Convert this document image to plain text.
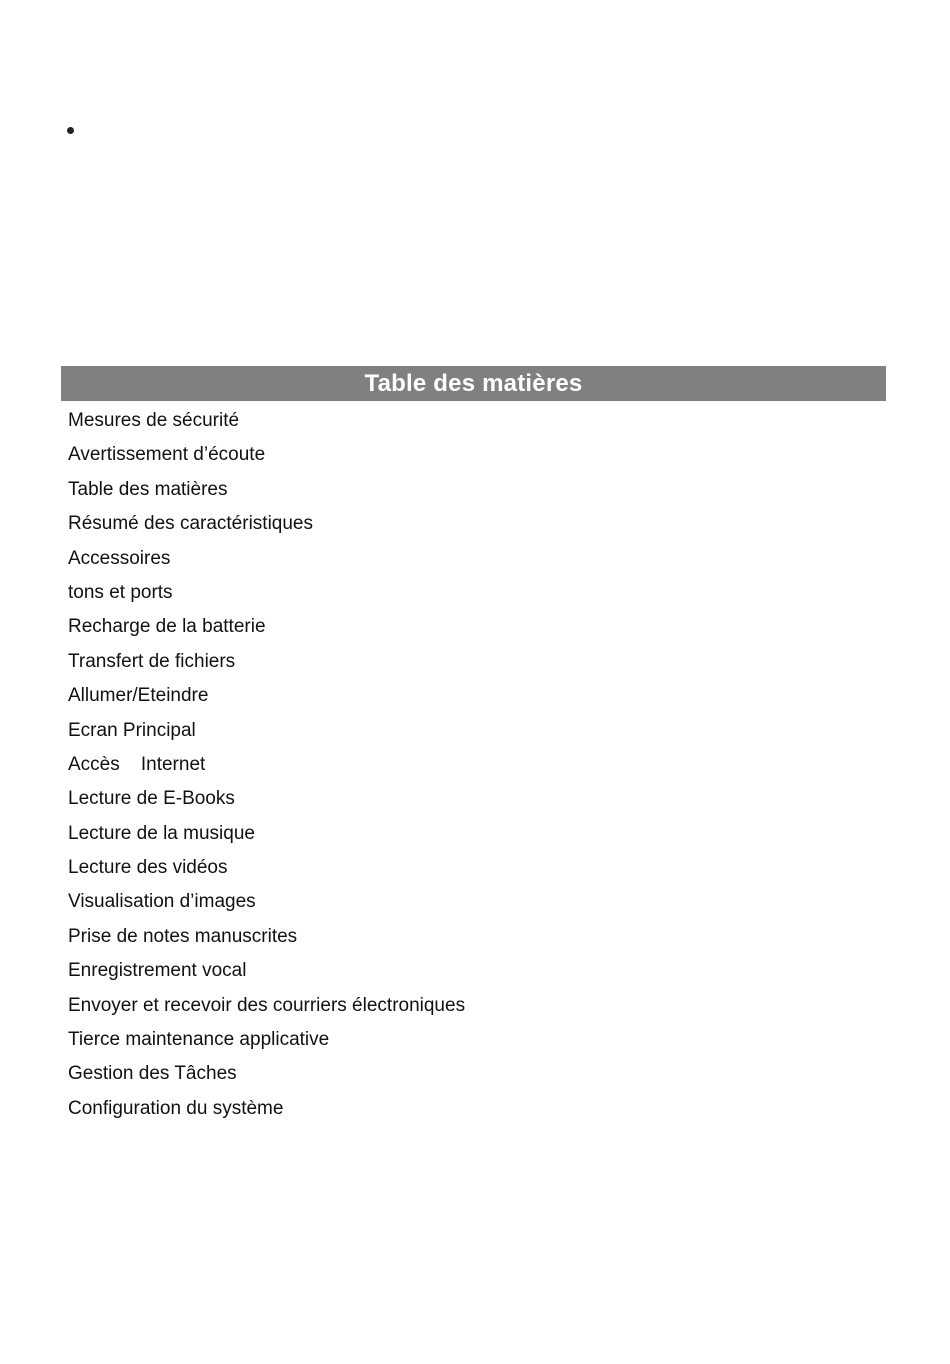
Table des matières
Mesures de sécurité
Avertissement d’écoute
Table des matières
Résumé des caractéristiques
Accessoires
tons et ports
Recharge de la batterie
Transfert de fichiers
Allumer/Eteindre
Ecran Principal
Accès    Internet
Lecture de E-Books
Lecture de la musique
Lecture des vidéos
Visualisation d’images
Prise de notes manuscrites
Enregistrement vocal
Envoyer et recevoir des courriers électroniques
Tierce maintenance applicative
Gestion des Tâches
Configuration du système
